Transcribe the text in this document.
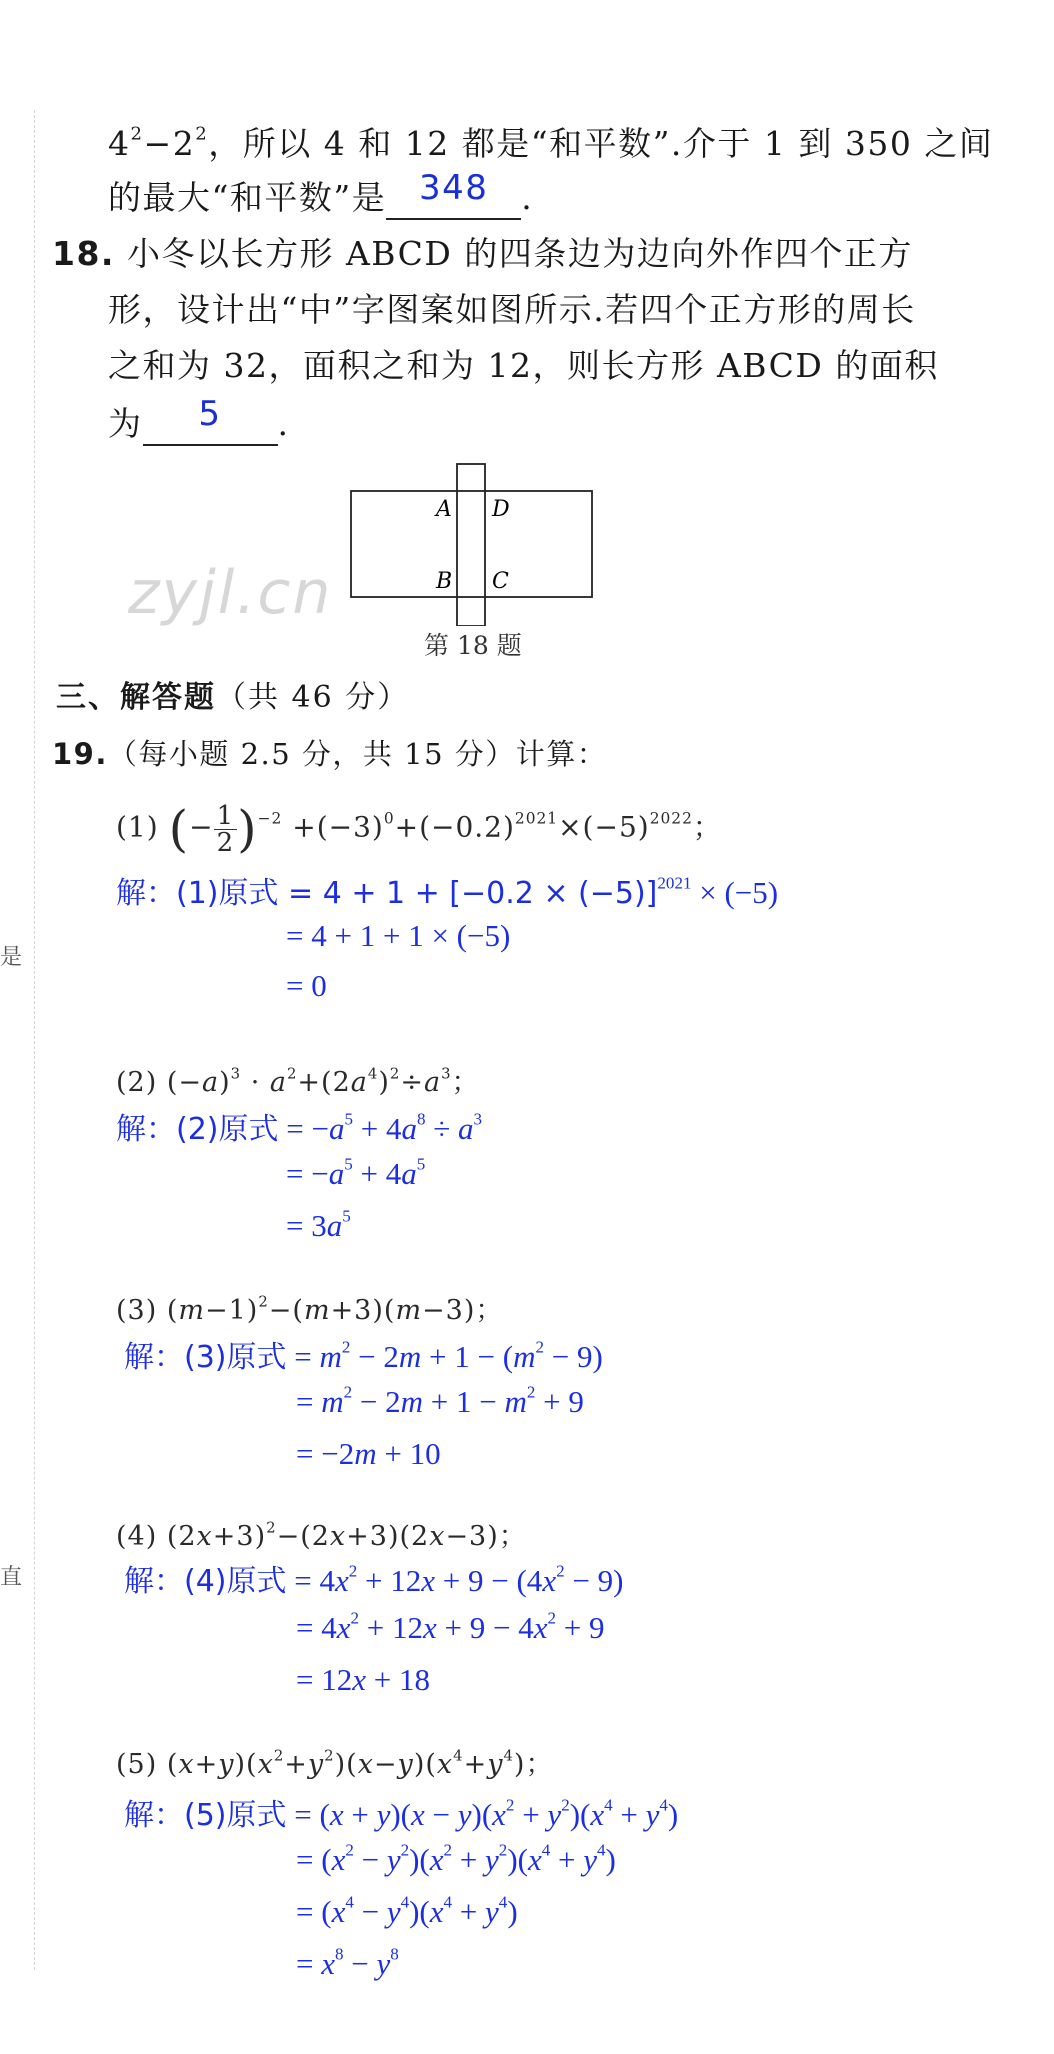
是
直
$4^2-2^2$，所以 4 和 12 都是“和平数”.介于 1 到 350 之间
的最大“和平数”是 348 .
18. 小冬以长方形 ABCD 的四条边为边向外作四个正方
形，设计出“中”字图案如图所示.若四个正方形的周长
之和为 32，面积之和为 12，则长方形 ABCD 的面积
为 5 .
zyjl.cn
A D
B C
第 18 题
三、解答题（共 46 分）
19.（每小题 2.5 分，共 15 分）计算：
(1) (− $\frac{1}{2} )^{-2} +(-3)^0+(-0.2)^{2021}\times(-5)^{2022}$；
解：(1)原式 = $4 + 1 + [-0.2 \times (-5)]^{2021} \times (-5)$
= 4 + 1 + 1 × (−5)
= 0
(2) $(-a)^3 \cdot a^2+(2a^4)^2\div a^3$；
解：(2)原式 = $-a^5 + 4a^8 \div a^3$
= $-a^5 + 4a^5$
= $3a^5$
(3) $(m-1)^2-(m+3)(m-3)$；
解：(3)原式 = $m^2 - 2m + 1 - (m^2 - 9)$
= $m^2 - 2m + 1 - m^2 + 9$
= −2m + 10
(4) $(2x+3)^2-(2x+3)(2x-3)$；
解：(4)原式 = $4x^2 + 12x + 9 - (4x^2 - 9)$
= $4x^2 + 12x + 9 - 4x^2 + 9$
= 12x + 18
(5) $(x+y)(x^2+y^2)(x-y)(x^4+y^4)$；
解：(5)原式 = $(x + y)(x - y)(x^2 + y^2)(x^4 + y^4)$
= $(x^2 - y^2)(x^2 + y^2)(x^4 + y^4)$
= $(x^4 - y^4)(x^4 + y^4)$
= $x^8 - y^8$
